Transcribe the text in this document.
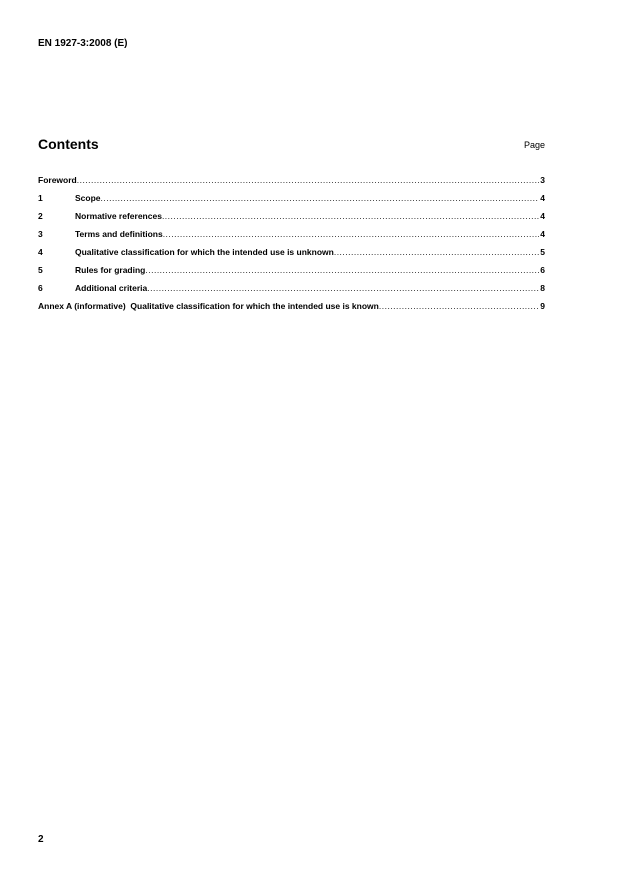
EN 1927-3:2008 (E)
Contents	Page
Foreword .....	3
1	Scope .....	4
2	Normative references .....	4
3	Terms and definitions .....	4
4	Qualitative classification for which the intended use is unknown .....	5
5	Rules for grading .....	6
6	Additional criteria .....	8
Annex A (informative)  Qualitative classification for which the intended use is known .....	9
2
